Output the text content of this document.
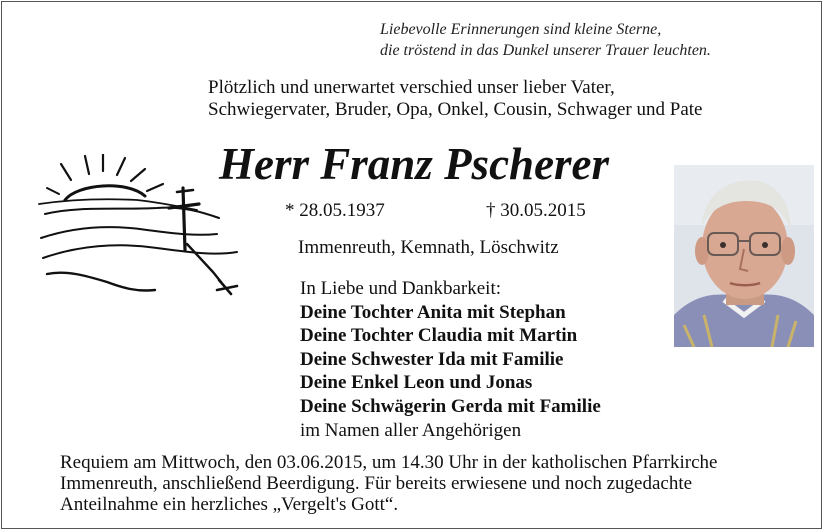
Liebevolle Erinnerungen sind kleine Sterne,
die tröstend in das Dunkel unserer Trauer leuchten.
Plötzlich und unerwartet verschied unser lieber Vater,
Schwiegervater, Bruder, Opa, Onkel, Cousin, Schwager und Pate
Herr Franz Pscherer
* 28.05.1937	† 30.05.2015
Immenreuth, Kemnath, Löschwitz
In Liebe und Dankbarkeit:
Deine Tochter Anita mit Stephan
Deine Tochter Claudia mit Martin
Deine Schwester Ida mit Familie
Deine Enkel Leon und Jonas
Deine Schwägerin Gerda mit Familie
im Namen aller Angehörigen
Requiem am Mittwoch, den 03.06.2015, um 14.30 Uhr in der katholischen Pfarrkirche
Immenreuth, anschließend Beerdigung. Für bereits erwiesene und noch zugedachte
Anteilnahme ein herzliches „Vergelt's Gott“.
